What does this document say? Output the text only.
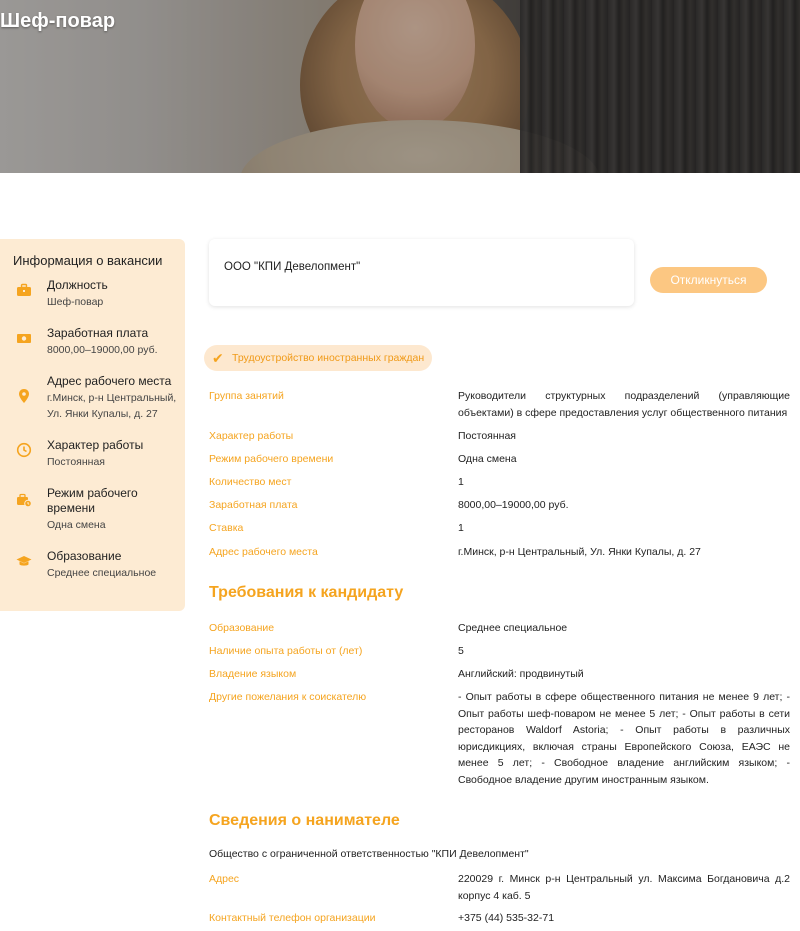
Шеф-повар
Информация о вакансии
Должность
Шеф-повар
Заработная плата
8000,00–19000,00 руб.
Адрес рабочего места
г.Минск, р-н Центральный, Ул. Янки Купалы, д. 27
Характер работы
Постоянная
Режим рабочего времени
Одна смена
Образование
Среднее специальное
ООО "КПИ Девелопмент"
Откликнуться
✔ Трудоустройство иностранных граждан
Группа занятий	Руководители структурных подразделений (управляющие объектами) в сфере предоставления услуг общественного питания
Характер работы	Постоянная
Режим рабочего времени	Одна смена
Количество мест	1
Заработная плата	8000,00–19000,00 руб.
Ставка	1
Адрес рабочего места	г.Минск, р-н Центральный, Ул. Янки Купалы, д. 27
Требования к кандидату
Образование	Среднее специальное
Наличие опыта работы от (лет)	5
Владение языком	Английский: продвинутый
Другие пожелания к соискателю	- Опыт работы в сфере общественного питания не менее 9 лет; - Опыт работы шеф-поваром не менее 5 лет; - Опыт работы в сети ресторанов Waldorf Astoria; - Опыт работы в различных юрисдикциях, включая страны Европейского Союза, ЕАЭС не менее 5 лет; - Свободное владение английским языком; - Свободное владение другим иностранным языком.
Сведения о нанимателе
Общество с ограниченной ответственностью "КПИ Девелопмент"
Адрес	220029 г. Минск р-н Центральный ул. Максима Богдановича д.2 корпус 4 каб. 5
Контактный телефон организации	+375 (44) 535-32-71
